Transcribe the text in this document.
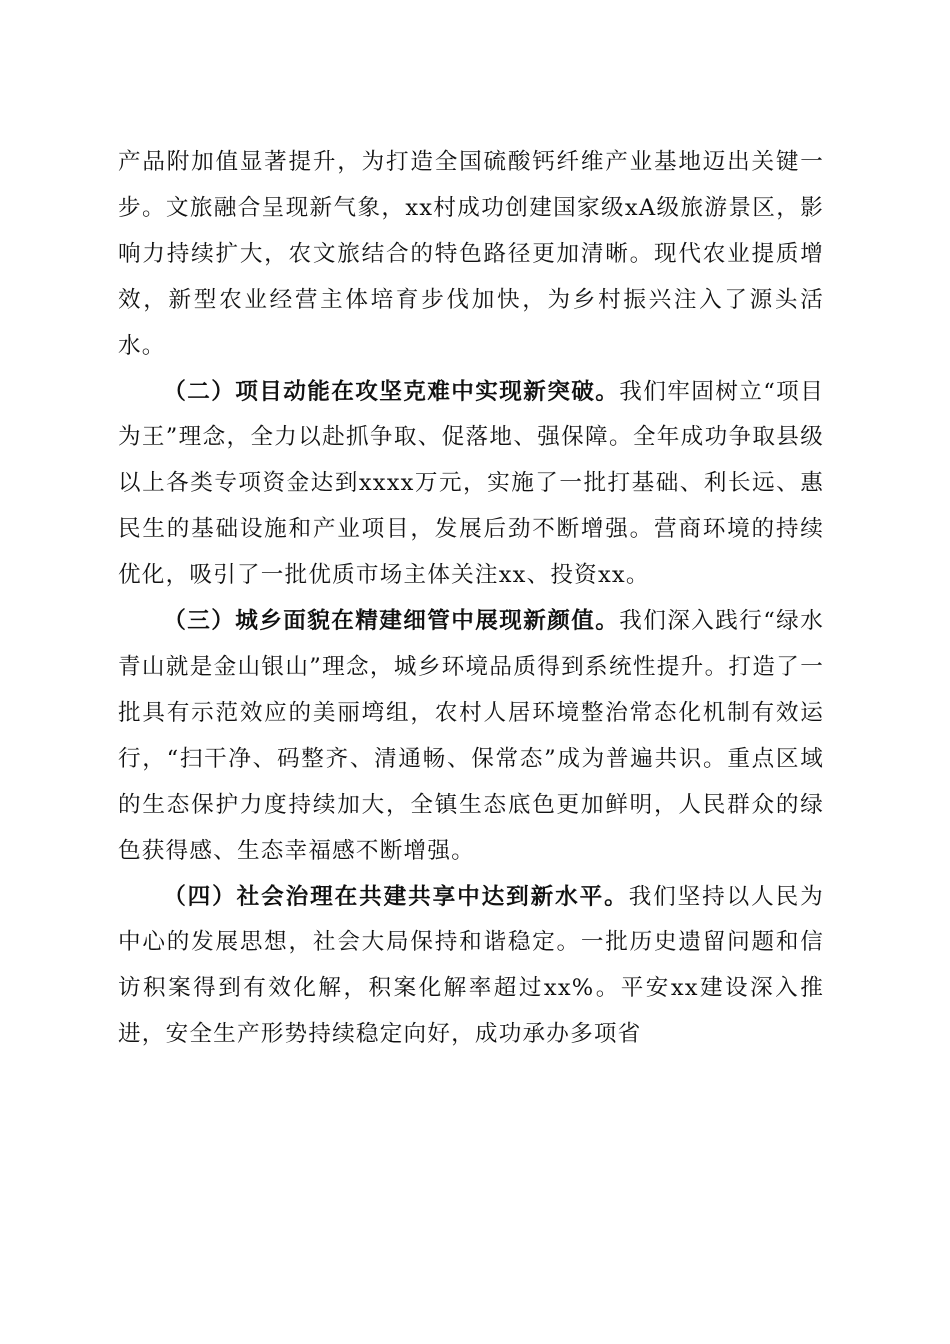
产品附加值显著提升，为打造全国硫酸钙纤维产业基地迈出关键一步。文旅融合呈现新气象，xx村成功创建国家级xA级旅游景区，影响力持续扩大，农文旅结合的特色路径更加清晰。现代农业提质增效，新型农业经营主体培育步伐加快，为乡村振兴注入了源头活水。

（二）项目动能在攻坚克难中实现新突破。我们牢固树立“项目为王”理念，全力以赴抓争取、促落地、强保障。全年成功争取县级以上各类专项资金达到xxxx万元，实施了一批打基础、利长远、惠民生的基础设施和产业项目，发展后劲不断增强。营商环境的持续优化，吸引了一批优质市场主体关注xx、投资xx。

（三）城乡面貌在精建细管中展现新颜值。我们深入践行“绿水青山就是金山银山”理念，城乡环境品质得到系统性提升。打造了一批具有示范效应的美丽塆组，农村人居环境整治常态化机制有效运行，“扫干净、码整齐、清通畅、保常态”成为普遍共识。重点区域的生态保护力度持续加大，全镇生态底色更加鲜明，人民群众的绿色获得感、生态幸福感不断增强。

（四）社会治理在共建共享中达到新水平。我们坚持以人民为中心的发展思想，社会大局保持和谐稳定。一批历史遗留问题和信访积案得到有效化解，积案化解率超过xx%。平安xx建设深入推进，安全生产形势持续稳定向好，成功承办多项省
